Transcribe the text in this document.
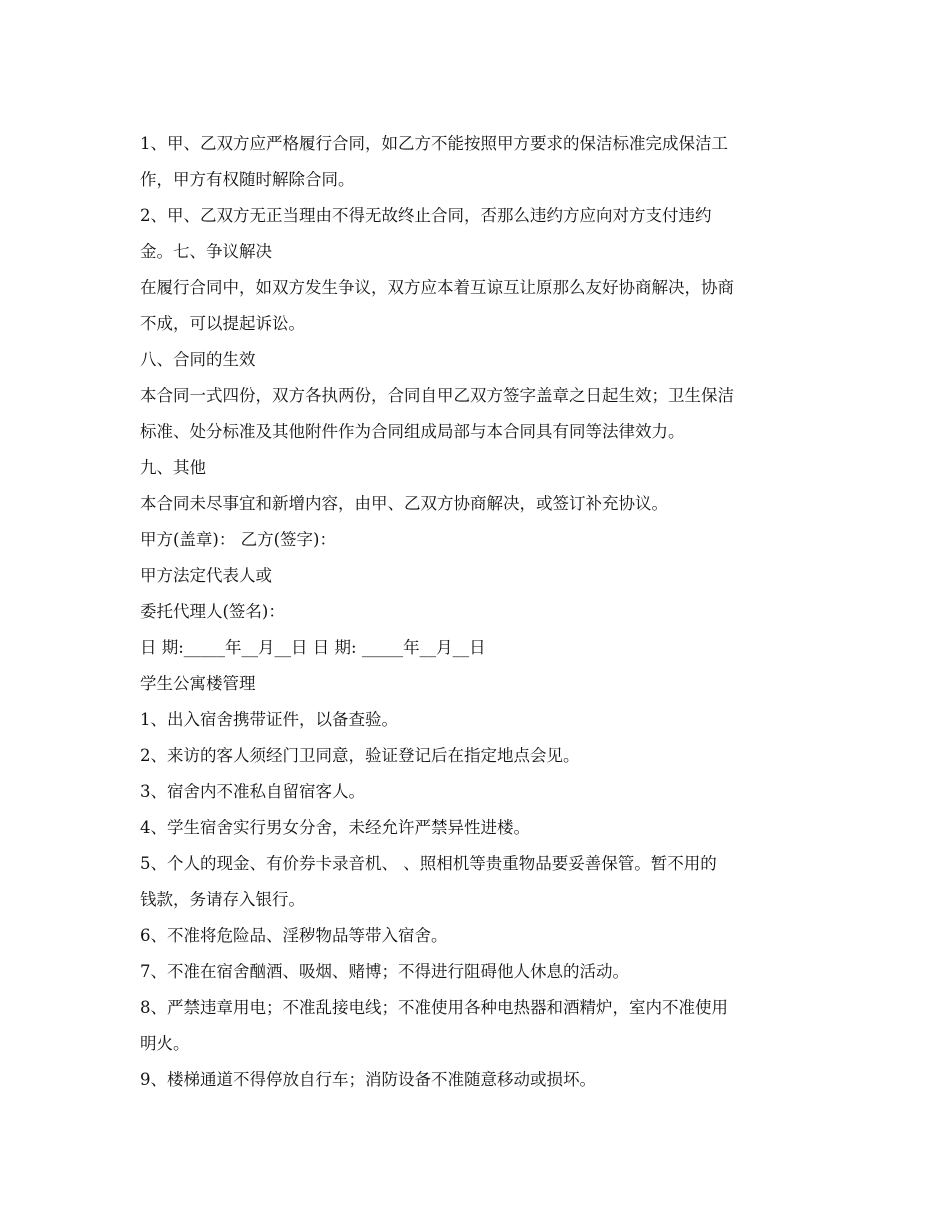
1、甲、乙双方应严格履行合同，如乙方不能按照甲方要求的保洁标准完成保洁工
作，甲方有权随时解除合同。
2、甲、乙双方无正当理由不得无故终止合同，否那么违约方应向对方支付违约
金。七、争议解决
在履行合同中，如双方发生争议，双方应本着互谅互让原那么友好协商解决，协商
不成，可以提起诉讼。
八、合同的生效
本合同一式四份，双方各执两份，合同自甲乙双方签字盖章之日起生效；卫生保洁
标准、处分标准及其他附件作为合同组成局部与本合同具有同等法律效力。
九、其他
本合同未尽事宜和新增内容，由甲、乙双方协商解决，或签订补充协议。
甲方(盖章)： 乙方(签字)：
甲方法定代表人或
委托代理人(签名)：
日 期:_____年__月__日 日 期: _____年__月__日
学生公寓楼管理
1、出入宿舍携带证件，以备查验。
2、来访的客人须经门卫同意，验证登记后在指定地点会见。
3、宿舍内不准私自留宿客人。
4、学生宿舍实行男女分舍，未经允许严禁异性进楼。
5、个人的现金、有价券卡录音机、 、照相机等贵重物品要妥善保管。暂不用的
钱款，务请存入银行。
6、不准将危险品、淫秽物品等带入宿舍。
7、不准在宿舍酗酒、吸烟、赌博；不得进行阻碍他人休息的活动。
8、严禁违章用电；不准乱接电线；不准使用各种电热器和酒精炉，室内不准使用
明火。
9、楼梯通道不得停放自行车；消防设备不准随意移动或损坏。
